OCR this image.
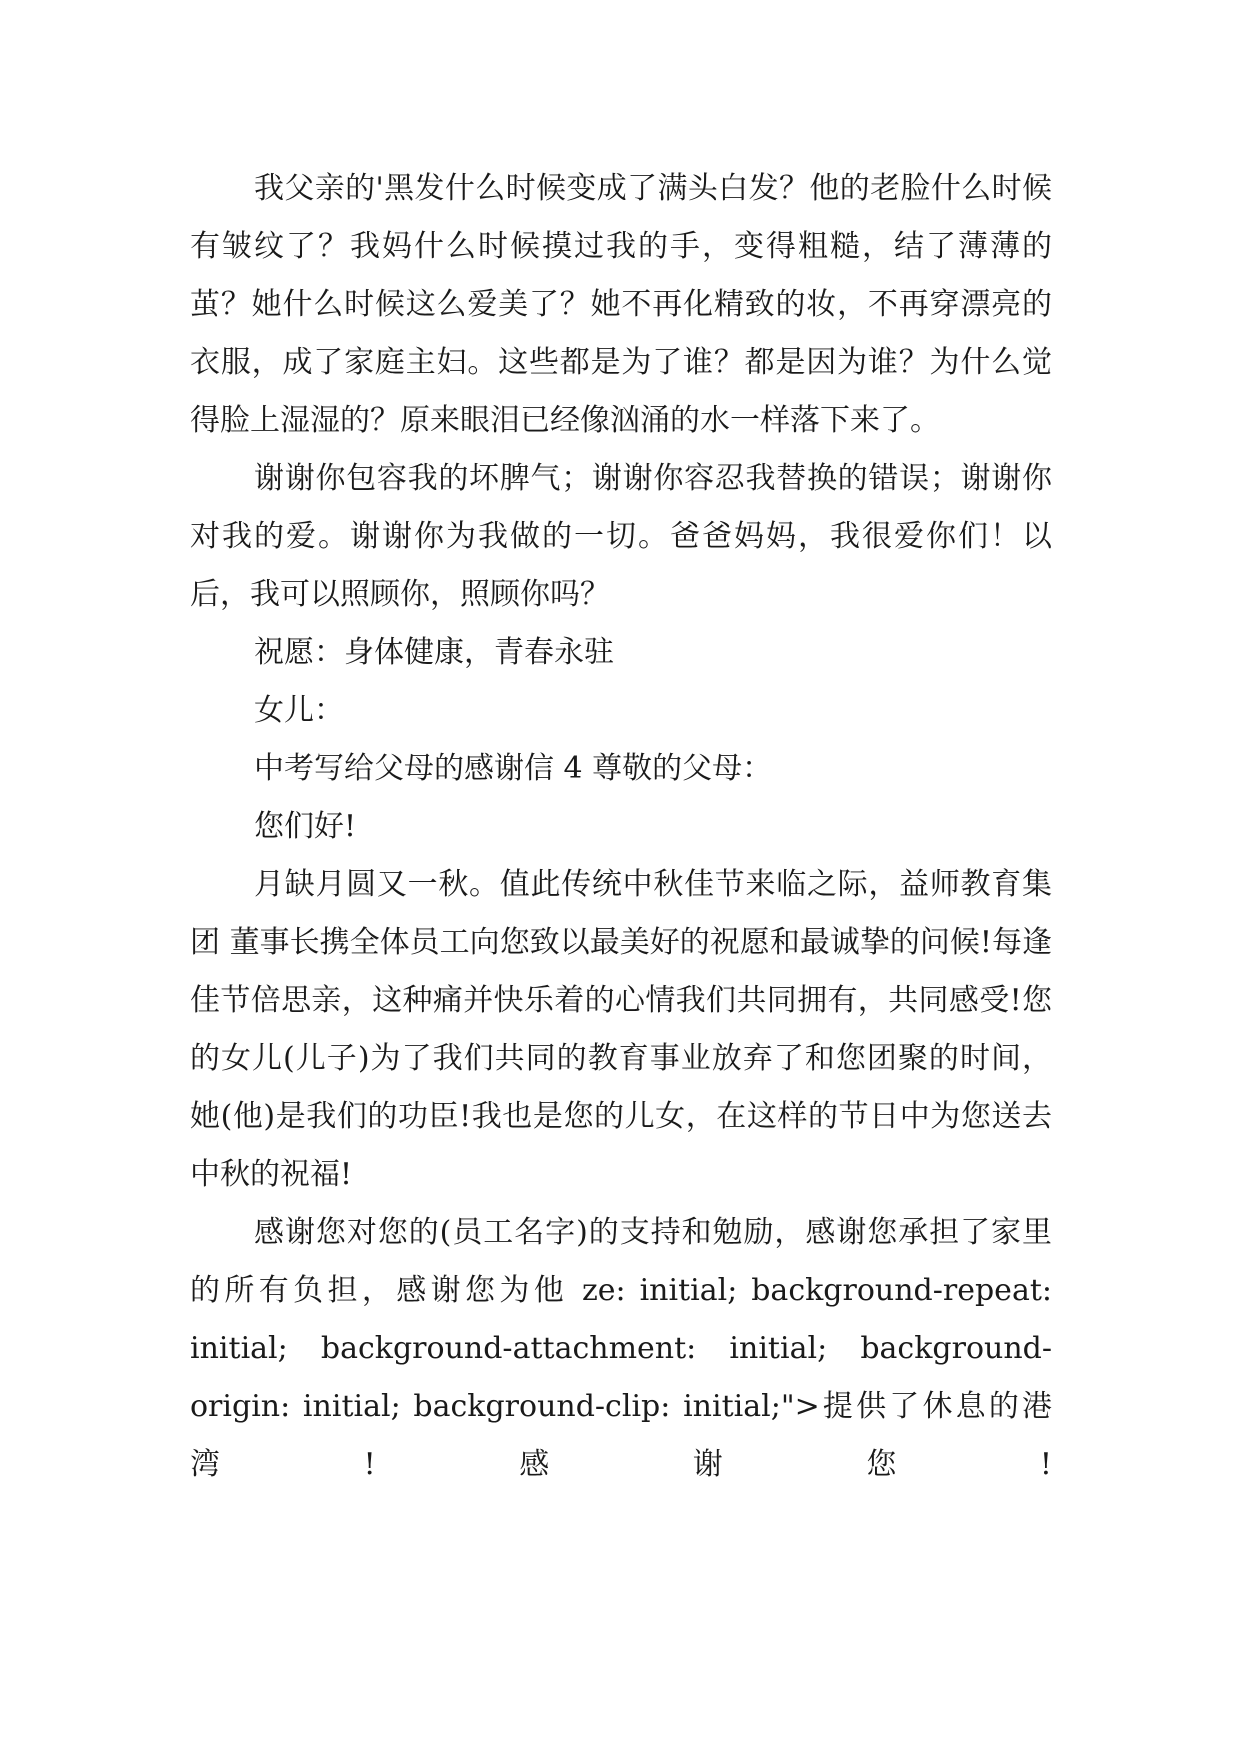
我父亲的'黑发什么时候变成了满头白发？他的老脸什么时候有皱纹了？我妈什么时候摸过我的手，变得粗糙，结了薄薄的茧？她什么时候这么爱美了？她不再化精致的妆，不再穿漂亮的衣服，成了家庭主妇。这些都是为了谁？都是因为谁？为什么觉得脸上湿湿的？原来眼泪已经像汹涌的水一样落下来了。

谢谢你包容我的坏脾气；谢谢你容忍我替换的错误；谢谢你对我的爱。谢谢你为我做的一切。爸爸妈妈，我很爱你们！以后，我可以照顾你，照顾你吗？

祝愿：身体健康，青春永驻

女儿：

中考写给父母的感谢信 4 尊敬的父母：

您们好!

月缺月圆又一秋。值此传统中秋佳节来临之际，益师教育集团 董事长携全体员工向您致以最美好的祝愿和最诚挚的问候!每逢佳节倍思亲，这种痛并快乐着的心情我们共同拥有，共同感受!您的女儿(儿子)为了我们共同的教育事业放弃了和您团聚的时间，她(他)是我们的功臣!我也是您的儿女，在这样的节日中为您送去中秋的祝福!

感谢您对您的(员工名字)的支持和勉励，感谢您承担了家里的所有负担，感谢您为他 ze: initial; background-repeat: initial; background-attachment: initial; background-origin: initial; background-clip: initial;">提供了休息的港湾!感谢您!
